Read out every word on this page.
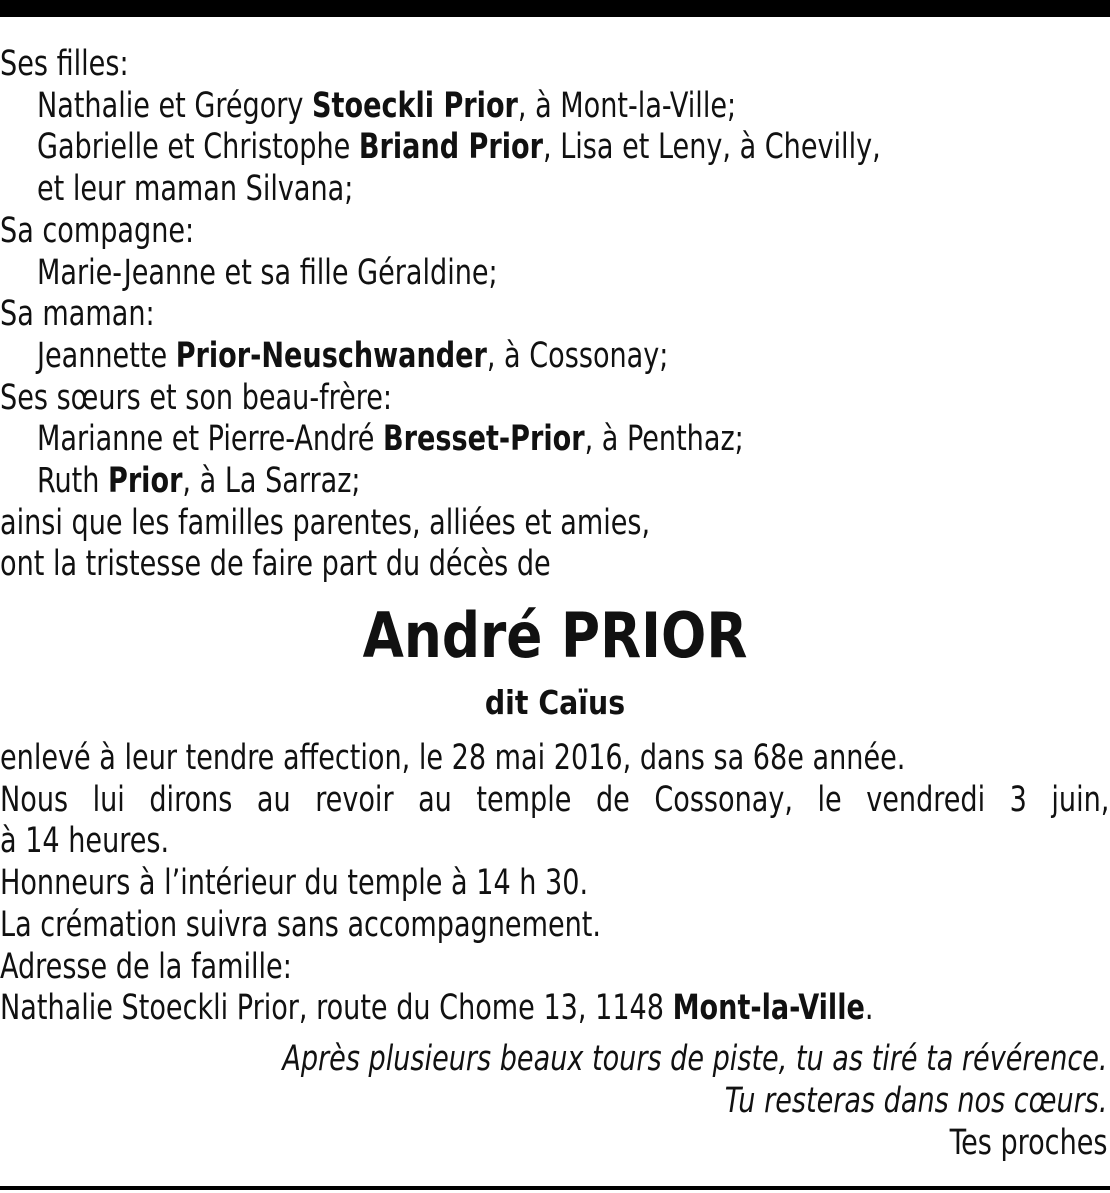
Ses filles:
Nathalie et Grégory Stoeckli Prior, à Mont-la-Ville;
Gabrielle et Christophe Briand Prior, Lisa et Leny, à Chevilly,
et leur maman Silvana;
Sa compagne:
Marie-Jeanne et sa fille Géraldine;
Sa maman:
Jeannette Prior-Neuschwander, à Cossonay;
Ses sœurs et son beau-frère:
Marianne et Pierre-André Bresset-Prior, à Penthaz;
Ruth Prior, à La Sarraz;
ainsi que les familles parentes, alliées et amies,
ont la tristesse de faire part du décès de
André PRIOR
dit Caïus
enlevé à leur tendre affection, le 28 mai 2016, dans sa 68e année.
Nous lui dirons au revoir au temple de Cossonay, le vendredi 3 juin,
à 14 heures.
Honneurs à l’intérieur du temple à 14 h 30.
La crémation suivra sans accompagnement.
Adresse de la famille:
Nathalie Stoeckli Prior, route du Chome 13, 1148 Mont-la-Ville.
Après plusieurs beaux tours de piste, tu as tiré ta révérence.
Tu resteras dans nos cœurs.
Tes proches
